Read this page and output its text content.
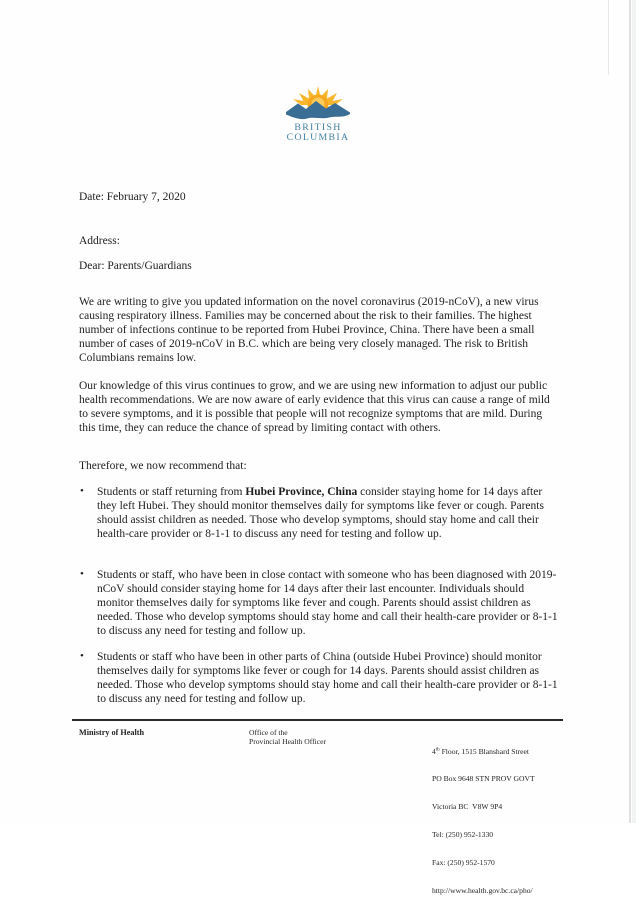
BRITISH
COLUMBIA
Date: February 7, 2020
Address:
Dear: Parents/Guardians
We are writing to give you updated information on the novel coronavirus (2019-nCoV), a new virus causing respiratory illness. Families may be concerned about the risk to their families. The highest number of infections continue to be reported from Hubei Province, China. There have been a small number of cases of 2019-nCoV in B.C. which are being very closely managed. The risk to British Columbians remains low.
Our knowledge of this virus continues to grow, and we are using new information to adjust our public health recommendations. We are now aware of early evidence that this virus can cause a range of mild to severe symptoms, and it is possible that people will not recognize symptoms that are mild. During this time, they can reduce the chance of spread by limiting contact with others.
Therefore, we now recommend that:
• Students or staff returning from Hubei Province, China consider staying home for 14 days after they left Hubei. They should monitor themselves daily for symptoms like fever or cough. Parents should assist children as needed. Those who develop symptoms, should stay home and call their health-care provider or 8-1-1 to discuss any need for testing and follow up.
• Students or staff, who have been in close contact with someone who has been diagnosed with 2019-nCoV should consider staying home for 14 days after their last encounter. Individuals should monitor themselves daily for symptoms like fever and cough. Parents should assist children as needed. Those who develop symptoms should stay home and call their health-care provider or 8-1-1 to discuss any need for testing and follow up.
• Students or staff who have been in other parts of China (outside Hubei Province) should monitor themselves daily for symptoms like fever or cough for 14 days. Parents should assist children as needed. Those who develop symptoms should stay home and call their health-care provider or 8-1-1 to discuss any need for testing and follow up.
Ministry of Health	Office of the
Provincial Health Officer

4th Floor, 1515 Blanshard Street

PO Box 9648 STN PROV GOVT

Victoria BC  V8W 9P4

Tel: (250) 952-1330

Fax: (250) 952-1570

http://www.health.gov.bc.ca/pho/
